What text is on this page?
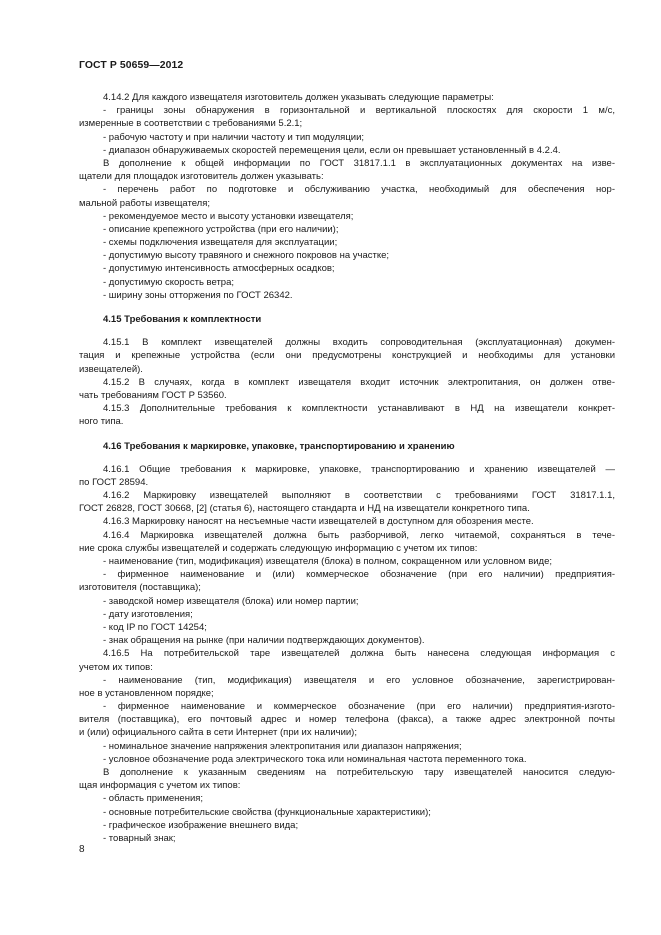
ГОСТ Р 50659—2012
4.14.2 Для каждого извещателя изготовитель должен указывать следующие параметры:
- границы зоны обнаружения в горизонтальной и вертикальной плоскостях для скорости 1 м/с,
измеренные в соответствии с требованиями 5.2.1;
- рабочую частоту и при наличии частоту и тип модуляции;
- диапазон обнаруживаемых скоростей перемещения цели, если он превышает установленный в 4.2.4.
В дополнение к общей информации по ГОСТ 31817.1.1 в эксплуатационных документах на изве-
щатели для площадок изготовитель должен указывать:
- перечень работ по подготовке и обслуживанию участка, необходимый для обеспечения нор-
мальной работы извещателя;
- рекомендуемое место и высоту установки извещателя;
- описание крепежного устройства (при его наличии);
- схемы подключения извещателя для эксплуатации;
- допустимую высоту травяного и снежного покровов на участке;
- допустимую интенсивность атмосферных осадков;
- допустимую скорость ветра;
- ширину зоны отторжения по ГОСТ 26342.
4.15 Требования к комплектности
4.15.1 В комплект извещателей должны входить сопроводительная (эксплуатационная) докумен-
тация и крепежные устройства (если они предусмотрены конструкцией и необходимы для установки
извещателей).
4.15.2 В случаях, когда в комплект извещателя входит источник электропитания, он должен отве-
чать требованиям ГОСТ Р 53560.
4.15.3 Дополнительные требования к комплектности устанавливают в НД на извещатели конкрет-
ного типа.
4.16 Требования к маркировке, упаковке, транспортированию и хранению
4.16.1 Общие требования к маркировке, упаковке, транспортированию и хранению извещателей —
по ГОСТ 28594.
4.16.2 Маркировку извещателей выполняют в соответствии с требованиями ГОСТ 31817.1.1,
ГОСТ 26828, ГОСТ 30668, [2] (статья 6), настоящего стандарта и НД на извещатели конкретного типа.
4.16.3 Маркировку наносят на несъемные части извещателей в доступном для обозрения месте.
4.16.4 Маркировка извещателей должна быть разборчивой, легко читаемой, сохраняться в тече-
ние срока службы извещателей и содержать следующую информацию с учетом их типов:
- наименование (тип, модификация) извещателя (блока) в полном, сокращенном или условном виде;
- фирменное наименование и (или) коммерческое обозначение (при его наличии) предприятия-
изготовителя (поставщика);
- заводской номер извещателя (блока) или номер партии;
- дату изготовления;
- код IP по ГОСТ 14254;
- знак обращения на рынке (при наличии подтверждающих документов).
4.16.5 На потребительской таре извещателей должна быть нанесена следующая информация с
учетом их типов:
- наименование (тип, модификация) извещателя и его условное обозначение, зарегистрирован-
ное в установленном порядке;
- фирменное наименование и коммерческое обозначение (при его наличии) предприятия-изгото-
вителя (поставщика), его почтовый адрес и номер телефона (факса), а также адрес электронной почты
и (или) официального сайта в сети Интернет (при их наличии);
- номинальное значение напряжения электропитания или диапазон напряжения;
- условное обозначение рода электрического тока или номинальная частота переменного тока.
В дополнение к указанным сведениям на потребительскую тару извещателей наносится следую-
щая информация с учетом их типов:
- область применения;
- основные потребительские свойства (функциональные характеристики);
- графическое изображение внешнего вида;
- товарный знак;
8
